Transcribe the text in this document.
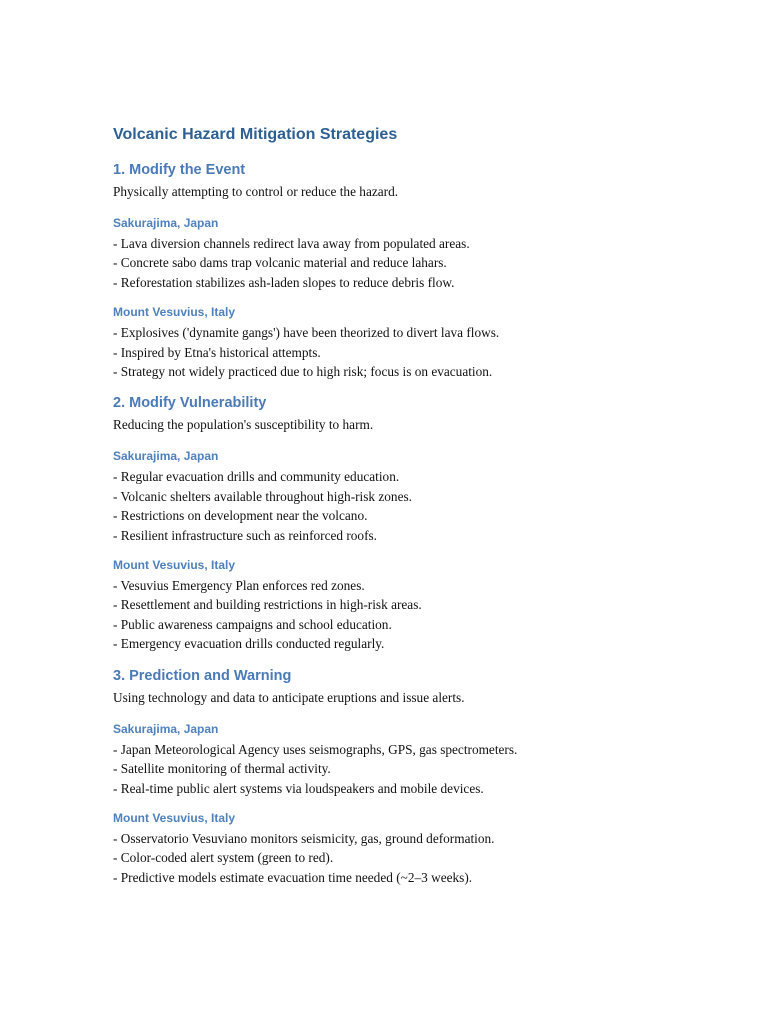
Volcanic Hazard Mitigation Strategies
1. Modify the Event

Physically attempting to control or reduce the hazard.

Sakurajima, Japan

- Lava diversion channels redirect lava away from populated areas.

- Concrete sabo dams trap volcanic material and reduce lahars.

- Reforestation stabilizes ash-laden slopes to reduce debris flow.

Mount Vesuvius, Italy

- Explosives ('dynamite gangs') have been theorized to divert lava flows.

- Inspired by Etna's historical attempts.

- Strategy not widely practiced due to high risk; focus is on evacuation.

2. Modify Vulnerability

Reducing the population's susceptibility to harm.

Sakurajima, Japan

- Regular evacuation drills and community education.

- Volcanic shelters available throughout high-risk zones.

- Restrictions on development near the volcano.

- Resilient infrastructure such as reinforced roofs.

Mount Vesuvius, Italy

- Vesuvius Emergency Plan enforces red zones.

- Resettlement and building restrictions in high-risk areas.

- Public awareness campaigns and school education.

- Emergency evacuation drills conducted regularly.

3. Prediction and Warning

Using technology and data to anticipate eruptions and issue alerts.

Sakurajima, Japan

- Japan Meteorological Agency uses seismographs, GPS, gas spectrometers.

- Satellite monitoring of thermal activity.

- Real-time public alert systems via loudspeakers and mobile devices.

Mount Vesuvius, Italy

- Osservatorio Vesuviano monitors seismicity, gas, ground deformation.

- Color-coded alert system (green to red).

- Predictive models estimate evacuation time needed (~2–3 weeks).
